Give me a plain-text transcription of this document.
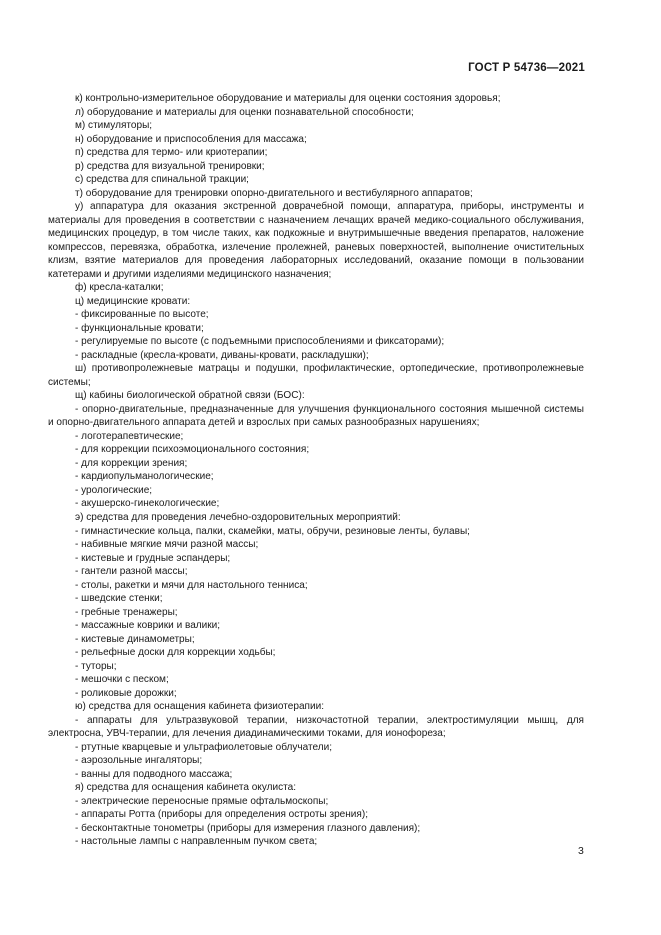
ГОСТ Р 54736—2021

к) контрольно-измерительное оборудование и материалы для оценки состояния здоровья;

л) оборудование и материалы для оценки познавательной способности;

м) стимуляторы;

н) оборудование и приспособления для массажа;

п) средства для термо- или криотерапии;

р) средства для визуальной тренировки;

с) средства для спинальной тракции;

т) оборудование для тренировки опорно-двигательного и вестибулярного аппаратов;

у) аппаратура для оказания экстренной доврачебной помощи, аппаратура, приборы, инструменты и материалы для проведения в соответствии с назначением лечащих врачей медико-социального обслуживания, медицинских процедур, в том числе таких, как подкожные и внутримышечные введения препаратов, наложение компрессов, перевязка, обработка, излечение пролежней, раневых поверхностей, выполнение очистительных клизм, взятие материалов для проведения лабораторных исследований, оказание помощи в пользовании катетерами и другими изделиями медицинского назначения;

ф) кресла-каталки;

ц) медицинские кровати:

- фиксированные по высоте;

- функциональные кровати;

- регулируемые по высоте (с подъемными приспособлениями и фиксаторами);

- раскладные (кресла-кровати, диваны-кровати, раскладушки);

ш) противопролежневые матрацы и подушки, профилактические, ортопедические, противопролежневые системы;

щ) кабины биологической обратной связи (БОС):

- опорно-двигательные, предназначенные для улучшения функционального состояния мышечной системы и опорно-двигательного аппарата детей и взрослых при самых разнообразных нарушениях;

- логотерапевтические;

- для коррекции психоэмоционального состояния;

- для коррекции зрения;

- кардиопульманологические;

- урологические;

- акушерско-гинекологические;

э) средства для проведения лечебно-оздоровительных мероприятий:

- гимнастические кольца, палки, скамейки, маты, обручи, резиновые ленты, булавы;

- набивные мягкие мячи разной массы;

- кистевые и грудные эспандеры;

- гантели разной массы;

- столы, ракетки и мячи для настольного тенниса;

- шведские стенки;

- гребные тренажеры;

- массажные коврики и валики;

- кистевые динамометры;

- рельефные доски для коррекции ходьбы;

- туторы;

- мешочки с песком;

- роликовые дорожки;

ю) средства для оснащения кабинета физиотерапии:

- аппараты для ультразвуковой терапии, низкочастотной терапии, электростимуляции мышц, для электросна, УВЧ-терапии, для лечения диадинамическими токами, для ионофореза;

- ртутные кварцевые и ультрафиолетовые облучатели;

- аэрозольные ингаляторы;

- ванны для подводного массажа;

я) средства для оснащения кабинета окулиста:

- электрические переносные прямые офтальмоскопы;

- аппараты Ротта (приборы для определения остроты зрения);

- бесконтактные тонометры (приборы для измерения глазного давления);

- настольные лампы с направленным пучком света;

3
